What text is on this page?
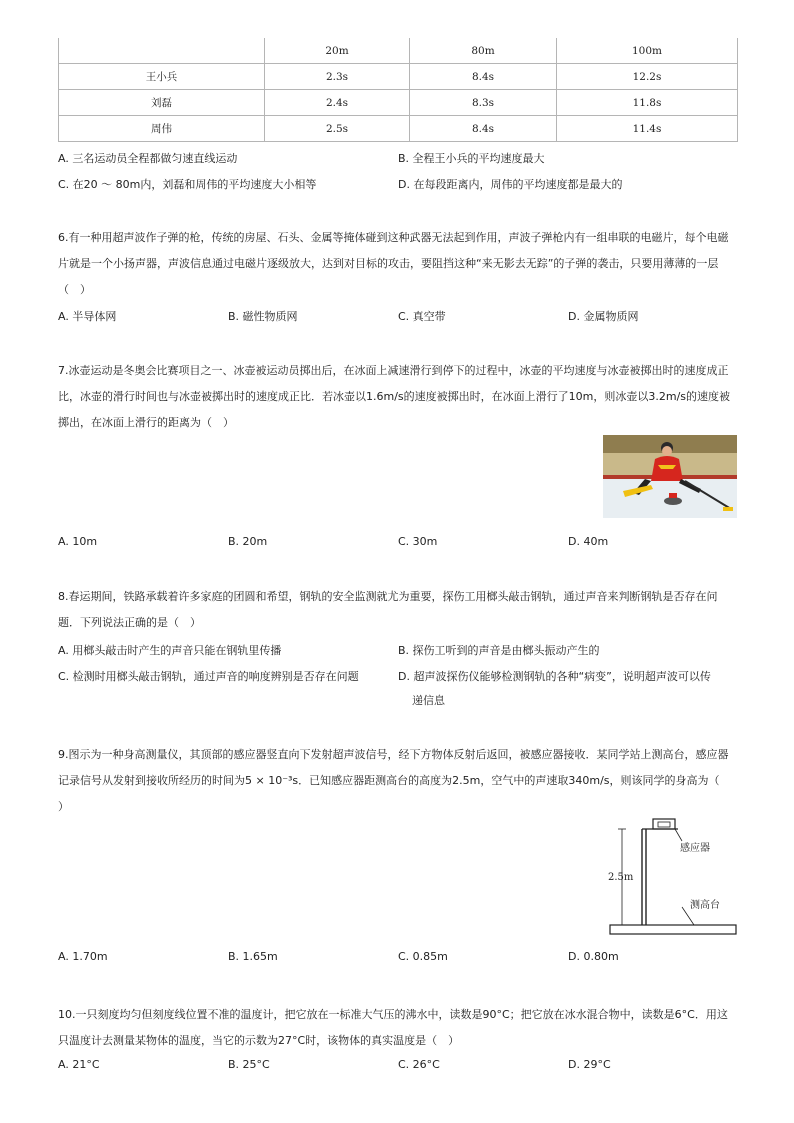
	20m	80m	100m
王小兵	2.3s	8.4s	12.2s
刘磊	2.4s	8.3s	11.8s
周伟	2.5s	8.4s	11.4s
A. 三名运动员全程都做匀速直线运动	B. 全程王小兵的平均速度最大
C. 在20 ～ 80m内，刘磊和周伟的平均速度大小相等	D. 在每段距离内，周伟的平均速度都是最大的
6.有一种用超声波作子弹的枪，传统的房屋、石头、金属等掩体碰到这种武器无法起到作用，声波子弹枪内有一组串联的电磁片，每个电磁
片就是一个小扬声器，声波信息通过电磁片逐级放大，达到对目标的攻击，要阻挡这种“来无影去无踪”的子弹的袭击，只要用薄薄的一层
（　）
A. 半导体网	B. 磁性物质网	C. 真空带	D. 金属物质网
7.冰壶运动是冬奥会比赛项目之一、冰壶被运动员掷出后，在冰面上减速滑行到停下的过程中，冰壶的平均速度与冰壶被掷出时的速度成正
比，冰壶的滑行时间也与冰壶被掷出时的速度成正比．若冰壶以1.6m/s的速度被掷出时，在冰面上滑行了10m，则冰壶以3.2m/s的速度被
掷出，在冰面上滑行的距离为（　）
A. 10m	B. 20m	C. 30m	D. 40m
8.春运期间，铁路承载着许多家庭的团圆和希望，钢轨的安全监测就尤为重要，探伤工用榔头敲击钢轨，通过声音来判断钢轨是否存在问
题．下列说法正确的是（　）
A. 用榔头敲击时产生的声音只能在钢轨里传播	B. 探伤工听到的声音是由榔头振动产生的
C. 检测时用榔头敲击钢轨，通过声音的响度辨别是否存在问题	D. 超声波探伤仪能够检测钢轨的各种“病变”，说明超声波可以传
递信息
9.图示为一种身高测量仪，其顶部的感应器竖直向下发射超声波信号，经下方物体反射后返回，被感应器接收．某同学站上测高台，感应器
记录信号从发射到接收所经历的时间为5 × 10⁻³s．已知感应器距测高台的高度为2.5m，空气中的声速取340m/s，则该同学的身高为（
）
感应器
2.5m
测高台
A. 1.70m	B. 1.65m	C. 0.85m	D. 0.80m
10.一只刻度均匀但刻度线位置不准的温度计，把它放在一标准大气压的沸水中，读数是90°C；把它放在冰水混合物中，读数是6°C．用这
只温度计去测量某物体的温度，当它的示数为27°C时，该物体的真实温度是（　）
A. 21°C	B. 25°C	C. 26°C	D. 29°C
